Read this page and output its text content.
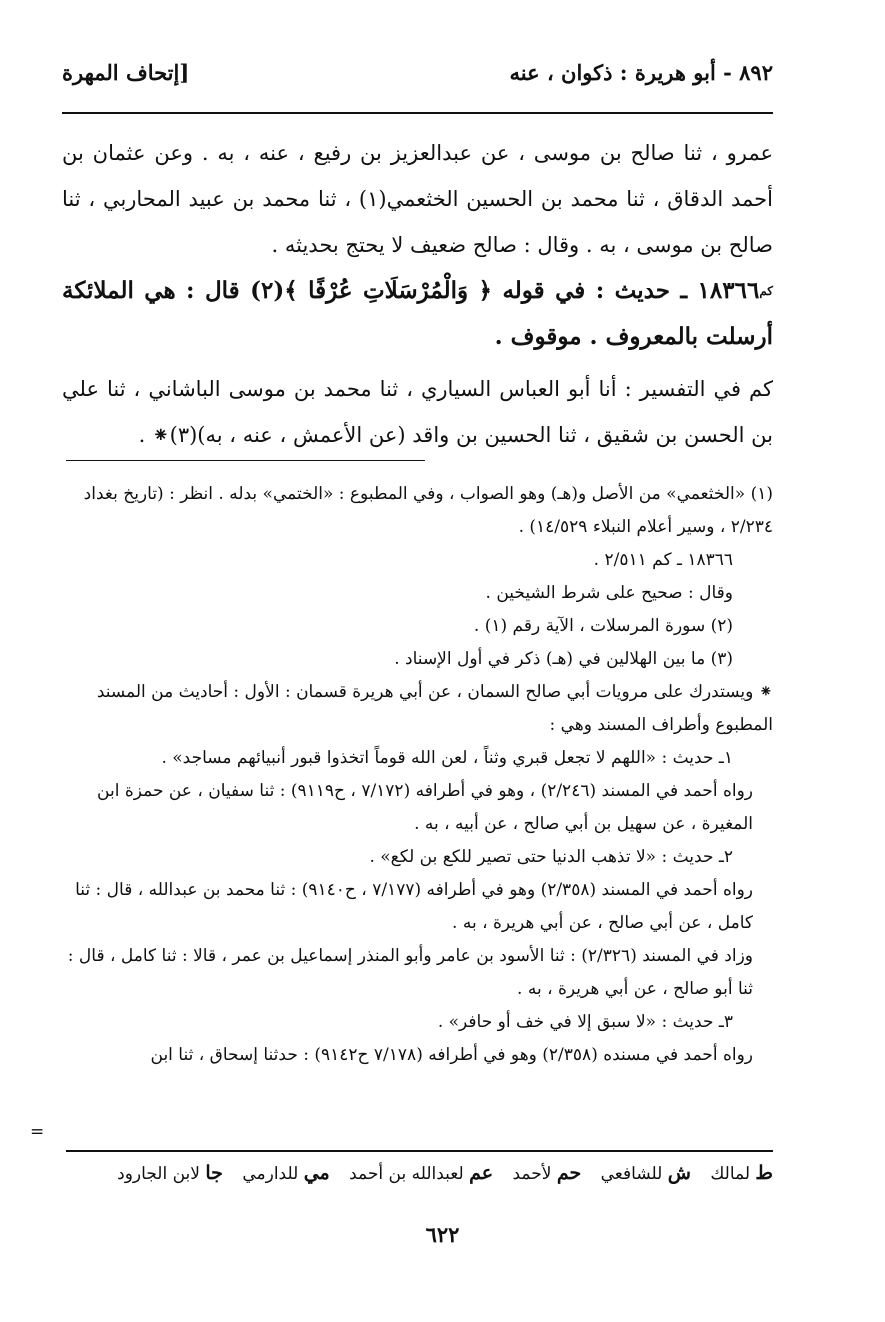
٨٩٢ - أبو هريرة : ذكوان ، عنه
[إتحاف المهرة

عمرو ، ثنا صالح بن موسى ، عن عبدالعزيز بن رفيع ، عنه ، به . وعن عثمان بن أحمد الدقاق ، ثنا محمد بن الحسين الخثعمي(١) ، ثنا محمد بن عبيد المحاربي ، ثنا صالح بن موسى ، به . وقال : صالح ضعيف لا يحتج بحديثه .

كم١٨٣٦٦ ـ حديث : في قوله ﴿ وَالْمُرْسَلَاتِ عُرْفًا ﴾(٢) قال : هي الملائكة أرسلت بالمعروف . موقوف .

كم في التفسير : أنا أبو العباس السياري ، ثنا محمد بن موسى الباشاني ، ثنا علي بن الحسن بن شقيق ، ثنا الحسين بن واقد (عن الأعمش ، عنه ، به)(٣)⁕ .

(١) «الخثعمي» من الأصل و(هـ) وهو الصواب ، وفي المطبوع : «الختمي» بدله . انظر : (تاريخ بغداد ٢/٢٣٤ ، وسير أعلام النبلاء ١٤/٥٢٩) .

١٨٣٦٦ ـ كم ٢/٥١١ .

وقال : صحيح على شرط الشيخين .

(٢) سورة المرسلات ، الآية رقم (١) .

(٣) ما بين الهلالين في (هـ) ذكر في أول الإسناد .

⁕ ويستدرك على مرويات أبي صالح السمان ، عن أبي هريرة قسمان : الأول : أحاديث من المسند المطبوع وأطراف المسند وهي :

١ـ حديث : «اللهم لا تجعل قبري وثناً ، لعن الله قوماً اتخذوا قبور أنبيائهم مساجد» .

رواه أحمد في المسند (٢/٢٤٦) ، وهو في أطرافه (٧/١٧٢ ، ح٩١١٩) : ثنا سفيان ، عن حمزة ابن المغيرة ، عن سهيل بن أبي صالح ، عن أبيه ، به .

٢ـ حديث : «لا تذهب الدنيا حتى تصير للكع بن لكع» .

رواه أحمد في المسند (٢/٣٥٨) وهو في أطرافه (٧/١٧٧ ، ح٩١٤٠) : ثنا محمد بن عبدالله ، قال : ثنا كامل ، عن أبي صالح ، عن أبي هريرة ، به .

وزاد في المسند (٢/٣٢٦) : ثنا الأسود بن عامر وأبو المنذر إسماعيل بن عمر ، قالا : ثنا كامل ، قال : ثنا أبو صالح ، عن أبي هريرة ، به .

٣ـ حديث : «لا سبق إلا في خف أو حافر» .

رواه أحمد في مسنده (٢/٣٥٨) وهو في أطرافه (٧/١٧٨ ح٩١٤٢) : حدثنا إسحاق ، ثنا ابن

=
ط لمالك ش للشافعي حم لأحمد عم لعبدالله بن أحمد مي للدارمي جا لابن الجارود
٦٢٢
